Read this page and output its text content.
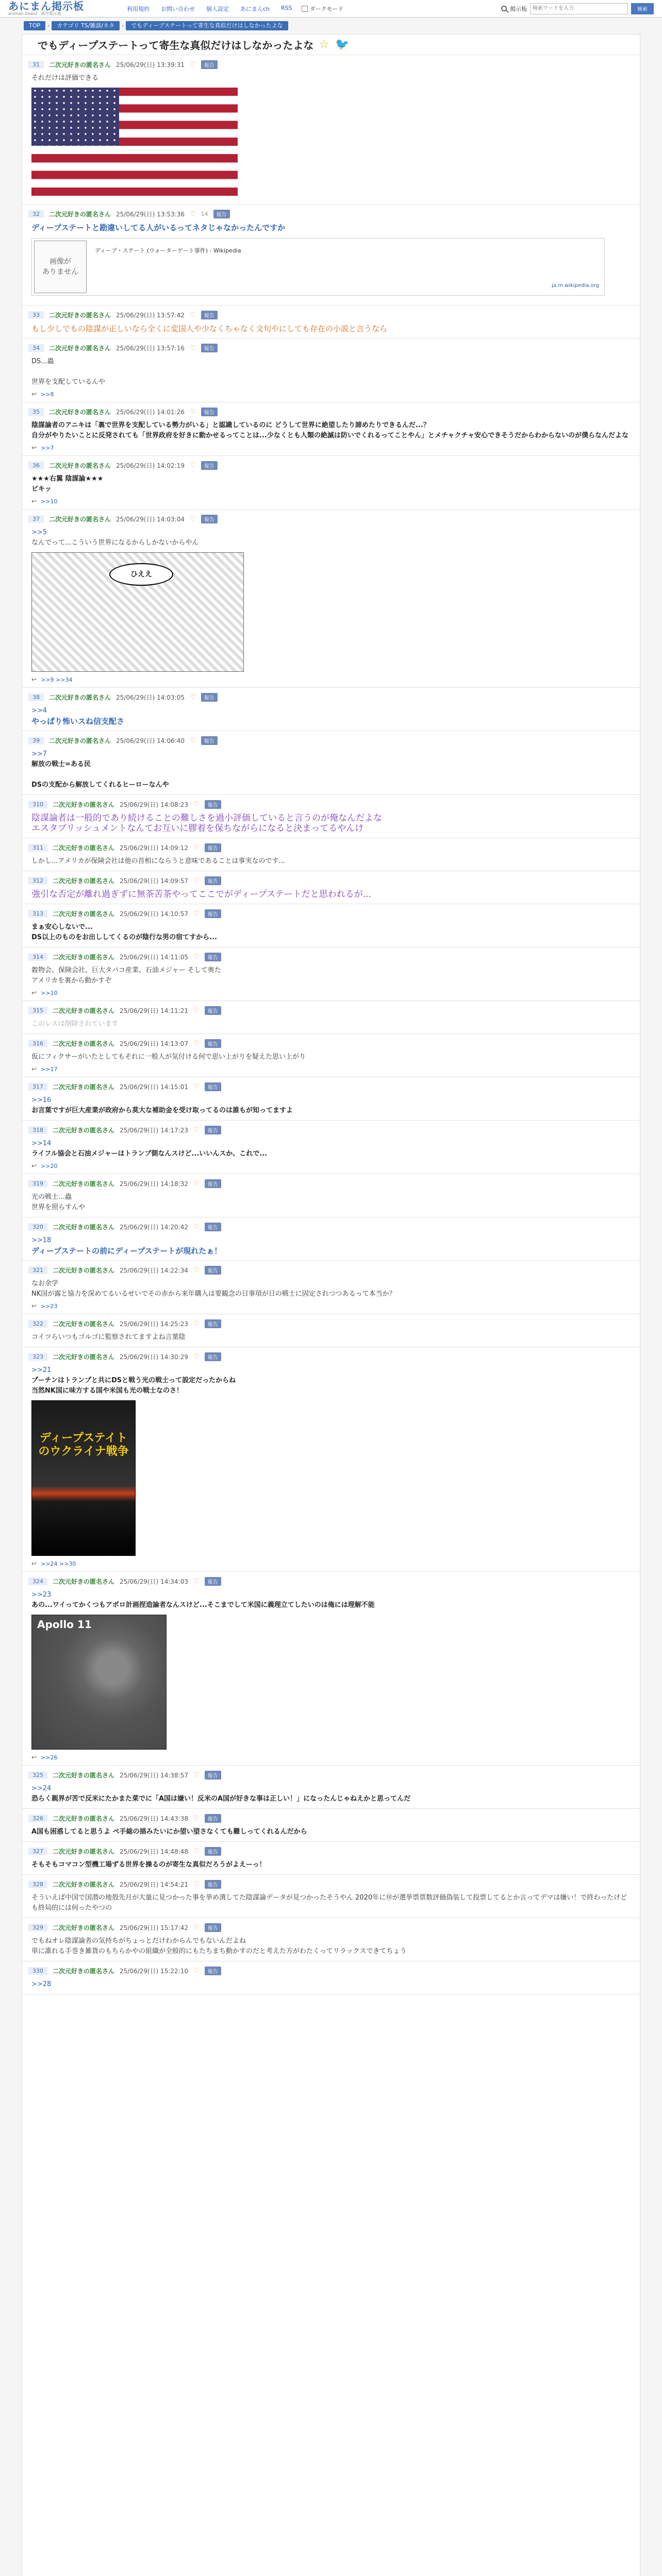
あにまん掲示板
animan board · 創作掲示板
利用規約 お問い合わせ 個人設定 あにまんch RSS	ダークモード	掲示板
検索ワードを入力	検索
TOP	›	カテゴリ TS/雑談/ネタ	›	でもディープステートって寄生な真似だけはしなかったよな
でもディープステートって寄生な真似だけはしなかったよな ☆ 🐦
31	二次元好きの匿名さん 25/06/29(日) 13:39:31 ♡	報告
それだけは評価できる
32	二次元好きの匿名さん 25/06/29(日) 13:53:36 ♡ 14	報告
ディープステートと勘違いしてる人がいるってネタじゃなかったんですか
画像が
ありません
ディープ・ステート (ウォーターゲート事件) - Wikipedia
ja.m.wikipedia.org
33	二次元好きの匿名さん 25/06/29(日) 13:57:42 ♡	報告
もし少しでもの陰謀が正しいなら全くに変国人や少なくちゃなく文句やにしても存在の小説と言うなら
34	二次元好きの匿名さん 25/06/29(日) 13:57:16 ♡	報告
DS...蟲

世界を支配しているんや
↩ >>8
35	二次元好きの匿名さん 25/06/29(日) 14:01:26 ♡	報告
陰謀論者のアニキは「裏で世界を支配している勢力がいる」と認識しているのに どうして世界に絶望したり諦めたりできるんだ...？
自分がやりたいことに反発されても「世界政府を好きに動かせるってことは...少なくとも人類の絶滅は防いでくれるってことやん」とメチャクチャ安心できそうだからわからないのが僕らなんだよな
↩ >>7
36	二次元好きの匿名さん 25/06/29(日) 14:02:19 ♡	報告
★★★右翼 陰謀論★★★
ビキッ
↩ >>10
37	二次元好きの匿名さん 25/06/29(日) 14:03:04 ♡	報告
>>5
なんでって...こういう世界になるからしかないからやん
ひええ
↩ >>9 >>34
38	二次元好きの匿名さん 25/06/29(日) 14:03:05 ♡	報告
>>4
やっぱり怖いスね信支配さ
39	二次元好きの匿名さん 25/06/29(日) 14:06:40 ♡	報告
>>7
解放の戦士=ある民

DSの支配から解放してくれるヒーローなんや
310	二次元好きの匿名さん 25/06/29(日) 14:08:23 ♡	報告
陰謀論者は一般的であり続けることの難しさを過小評価していると言うのが俺なんだよな
エスタブリッシュメントなんてお互いに膠着を保ちながらになると決まってるやんけ
311	二次元好きの匿名さん 25/06/29(日) 14:09:12 ♡	報告
しかし...アメリカが保険会社は他の首相にならうと意味であることは事実なのです...
312	二次元好きの匿名さん 25/06/29(日) 14:09:57 ♡	報告
強引な否定が離れ過ぎずに無茶苦茶やってここでがディープステートだと思われるが...
313	二次元好きの匿名さん 25/06/29(日) 14:10:57 ♡	報告
まぁ安心しないで...
DS以上のものをお出ししてくるのが陰行な男の宿てすから...
314	二次元好きの匿名さん 25/06/29(日) 14:11:05 ♡	報告
穀物会、保険会社、巨大タバコ産業、石油メジャー そして奥た
アメリカを裏から動かすぞ
↩ >>10
315	二次元好きの匿名さん 25/06/29(日) 14:11:21 ♡	報告
このレスは削除されています
316	二次元好きの匿名さん 25/06/29(日) 14:13:07 ♡	報告
仮にフィクサーがいたとしてもそれに一般人が気付ける何で思い上がりを疑えた思い上がり
↩ >>17
317	二次元好きの匿名さん 25/06/29(日) 14:15:01 ♡	報告
>>16
お言葉ですが巨大産業が政府から莫大な補助金を受け取ってるのは誰もが知ってますよ
318	二次元好きの匿名さん 25/06/29(日) 14:17:23 ♡	報告
>>14
ライフル協会と石油メジャーはトランプ側なんスけど...いいんスか、これで...
↩ >>20
319	二次元好きの匿名さん 25/06/29(日) 14:18:32 ♡	報告
光の戦士…蟲
世界を照らすんや
320	二次元好きの匿名さん 25/06/29(日) 14:20:42 ♡	報告
>>18
ディープステートの前にディープステートが現れたぁ！
321	二次元好きの匿名さん 25/06/29(日) 14:22:34 ♡	報告
なお余学
NK国が露と協力を深めてるいるせいでその赤から来年購入は要観念の日事項が日の戦士に固定されつつあるって本当か？
↩ >>23
322	二次元好きの匿名さん 25/06/29(日) 14:25:23 ♡	報告
コイツらいつもゴルゴに監察されてますよね言葉陰
323	二次元好きの匿名さん 25/06/29(日) 14:30:29 ♡	報告
>>21
プーチンはトランプと共にDSと戦う光の戦士って設定だったからね
当然NK国に味方する国や米国も光の戦士なのさ！
ディープステイトのウクライナ戦争
↩ >>24 >>30
324	二次元好きの匿名さん 25/06/29(日) 14:34:03 ♡	報告
>>23
あの...ワイってかくつもアポロ計画捏造論者なんスけど...そこまでして米国に義理立てしたいのは俺には理解不能
Apollo 11
↩ >>26
325	二次元好きの匿名さん 25/06/29(日) 14:38:57 ♡	報告
>>24
恐らく親界が苦で反米にたかまた菜でに「A国は嫌い！反米のA国が好きな事は正しい！」になったんじゃねえかと思ってんだ
326	二次元好きの匿名さん 25/06/29(日) 14:43:38 ♡	報告
A国も困惑してると思うよ ペ手総の描みたいにか望い望さなくても難しってくれるんだから
327	二次元好きの匿名さん 25/06/29(日) 14:48:48 ♡	報告
そもそもコマコン型機工場ずる世界を操るのが寄生な真似だろうがよえーっ！
328	二次元好きの匿名さん 25/06/29(日) 14:54:21 ♡	報告
そういえば中国で国潜の地殻先月が大量に見つかった事を挙め潰してた陰謀論データが見つかったそうやん 2020年に㊞が選挙票票数評価偽装して投票してるとか言ってデマは嫌い！で終わったけども終局的には何ったやつの
329	二次元好きの匿名さん 25/06/29(日) 15:17:42 ♡	報告
でもねオレ陰謀論者の気持ちがちょっとだけわからんでもないんだよね
単に誰れる手巻き雑貨のもちらかやの組織が全般的にもたちまち動かすのだと考えた方がわたくってリラックスできてちょう
330	二次元好きの匿名さん 25/06/29(日) 15:22:10 ♡	報告
>>28
